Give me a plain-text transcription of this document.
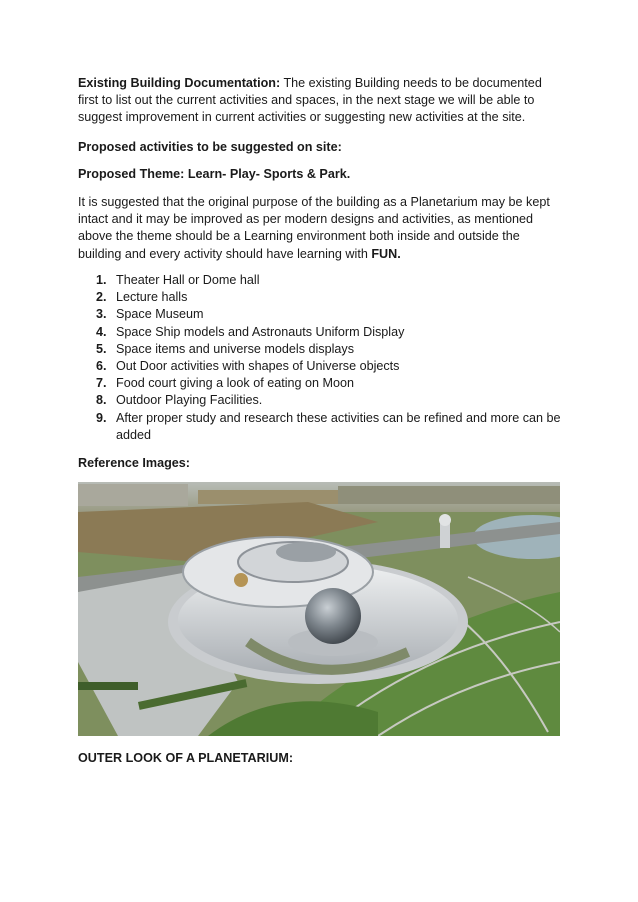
Existing Building Documentation: The existing Building needs to be documented first to list out the current activities and spaces, in the next stage we will be able to suggest improvement in current activities or suggesting new activities at the site.

Proposed activities to be suggested on site:
Proposed Theme: Learn- Play- Sports & Park.

It is suggested that the original purpose of the building as a Planetarium may be kept intact and it may be improved as per modern designs and activities, as mentioned above the theme should be a Learning environment both inside and outside the building and every activity should have learning with FUN.

1. Theater Hall or Dome hall
2. Lecture halls
3. Space Museum
4. Space Ship models and Astronauts Uniform Display
5. Space items and universe models displays
6. Out Door activities with shapes of Universe objects
7. Food court giving a look of eating on Moon
8. Outdoor Playing Facilities.
9. After proper study and research these activities can be refined and more can be added
Reference Images:
OUTER LOOK OF A PLANETARIUM:
